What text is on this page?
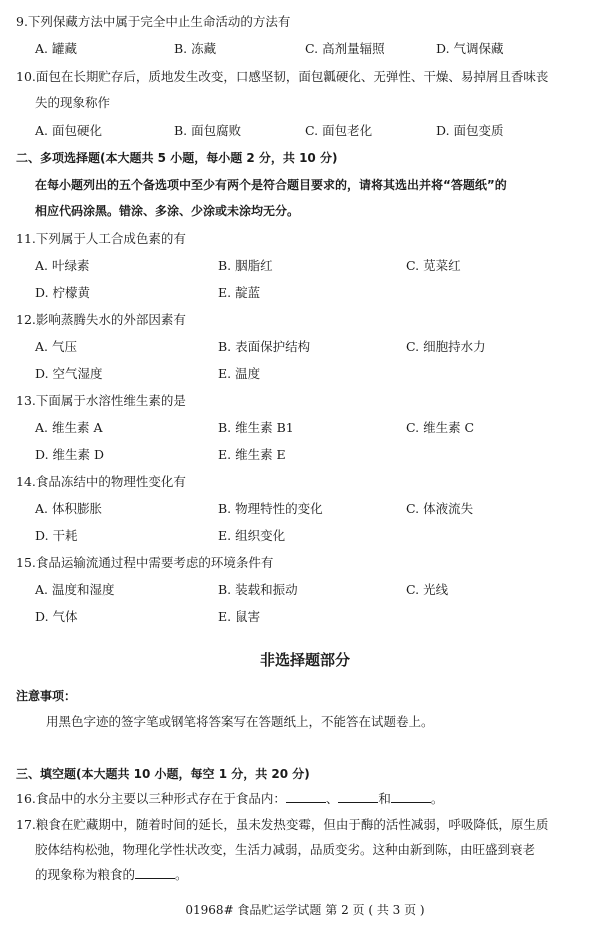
9.下列保藏方法中属于完全中止生命活动的方法有
A. 罐藏	B. 冻藏	C. 高剂量辐照	D. 气调保藏
10.面包在长期贮存后，质地发生改变，口感坚韧，面包瓤硬化、无弹性、干燥、易掉屑且香味丧
失的现象称作
A. 面包硬化	B. 面包腐败	C. 面包老化	D. 面包变质
二、多项选择题(本大题共 5 小题，每小题 2 分，共 10 分)
在每小题列出的五个备选项中至少有两个是符合题目要求的，请将其选出并将“答题纸”的
相应代码涂黑。错涂、多涂、少涂或未涂均无分。
11.下列属于人工合成色素的有
A. 叶绿素	B. 胭脂红	C. 苋菜红
D. 柠檬黄	E. 靛蓝
12.影响蒸腾失水的外部因素有
A. 气压	B. 表面保护结构	C. 细胞持水力
D. 空气湿度	E. 温度
13.下面属于水溶性维生素的是
A. 维生素 A	B. 维生素 B1	C. 维生素 C
D. 维生素 D	E. 维生素 E
14.食品冻结中的物理性变化有
A. 体积膨胀	B. 物理特性的变化	C. 体液流失
D. 干耗	E. 组织变化
15.食品运输流通过程中需要考虑的环境条件有
A. 温度和湿度	B. 装载和振动	C. 光线
D. 气体	E. 鼠害
非选择题部分
注意事项：
用黑色字迹的签字笔或钢笔将答案写在答题纸上，不能答在试题卷上。
三、填空题(本大题共 10 小题，每空 1 分，共 20 分)
16.食品中的水分主要以三种形式存在于食品内：	、	和	。
17.粮食在贮藏期中，随着时间的延长，虽未发热变霉，但由于酶的活性减弱，呼吸降低，原生质
胶体结构松弛，物理化学性状改变，生活力减弱，品质变劣。这种由新到陈，由旺盛到衰老
的现象称为粮食的	。
01968# 食品贮运学试题 第 2 页 ( 共 3 页 )
